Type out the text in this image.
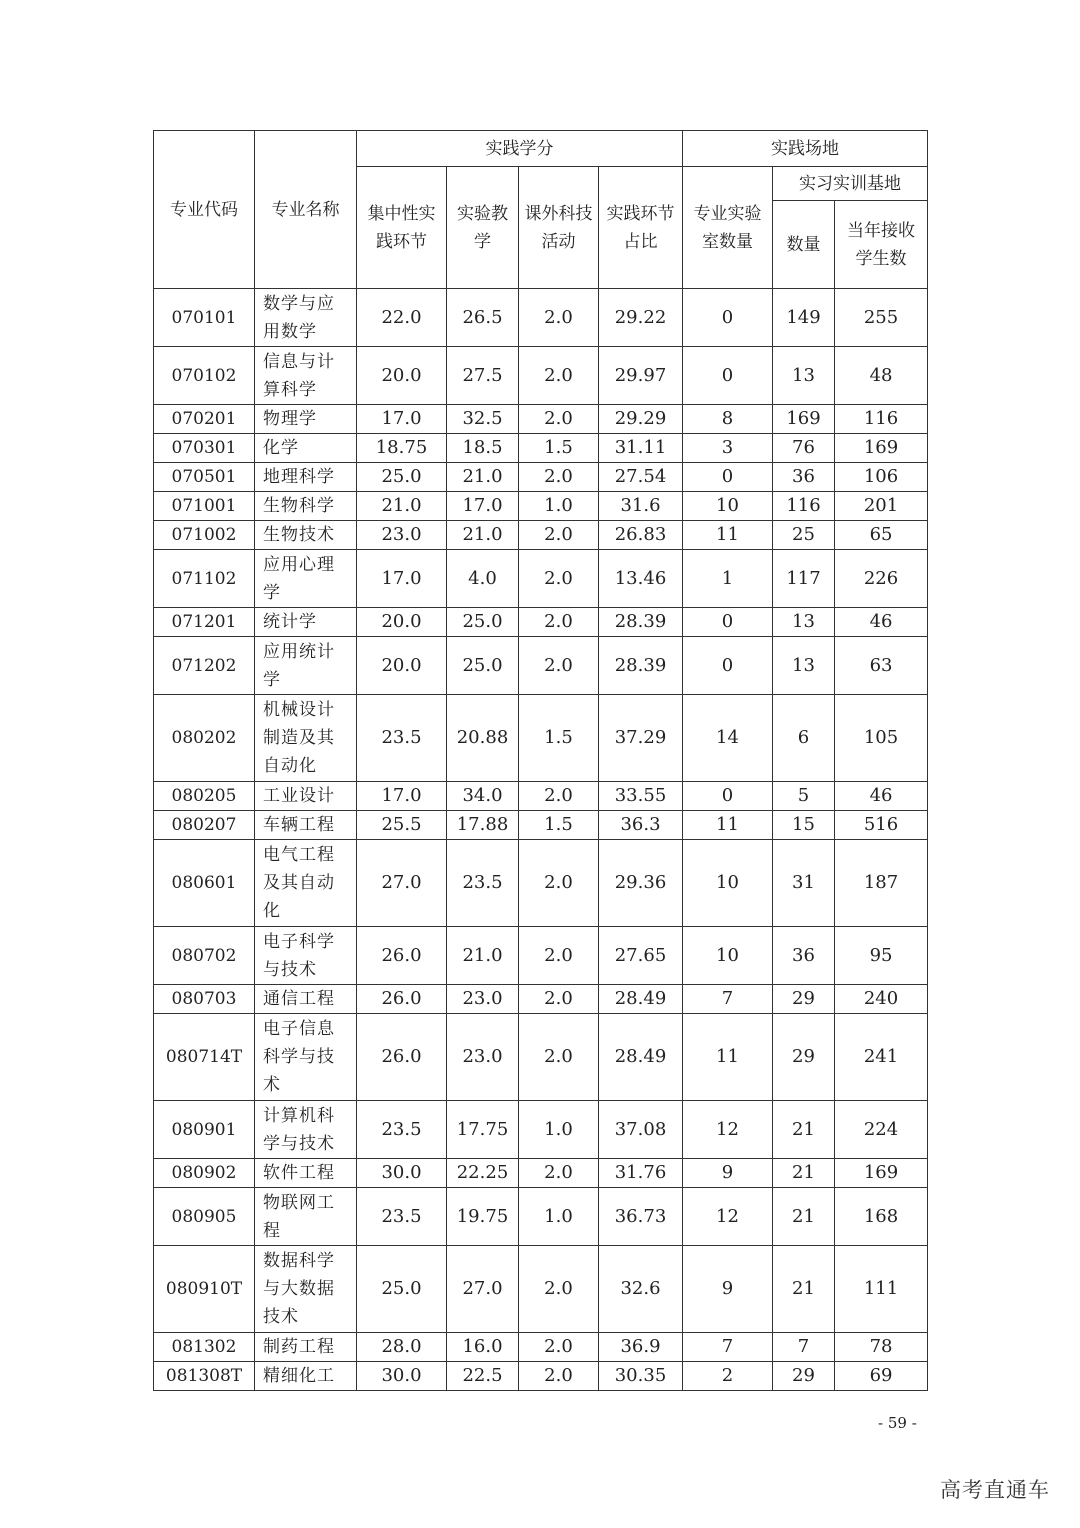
专业代码	专业名称	实践学分				实践场地		
		集中性实践环节	实验教学	课外科技活动	实践环节占比	专业实验室数量	实习实训基地	
							数量	当年接收学生数
070101	数学与应用数学	22.0	26.5	2.0	29.22	0	149	255
070102	信息与计算科学	20.0	27.5	2.0	29.97	0	13	48
070201	物理学	17.0	32.5	2.0	29.29	8	169	116
070301	化学	18.75	18.5	1.5	31.11	3	76	169
070501	地理科学	25.0	21.0	2.0	27.54	0	36	106
071001	生物科学	21.0	17.0	1.0	31.6	10	116	201
071002	生物技术	23.0	21.0	2.0	26.83	11	25	65
071102	应用心理学	17.0	4.0	2.0	13.46	1	117	226
071201	统计学	20.0	25.0	2.0	28.39	0	13	46
071202	应用统计学	20.0	25.0	2.0	28.39	0	13	63
080202	机械设计制造及其自动化	23.5	20.88	1.5	37.29	14	6	105
080205	工业设计	17.0	34.0	2.0	33.55	0	5	46
080207	车辆工程	25.5	17.88	1.5	36.3	11	15	516
080601	电气工程及其自动化	27.0	23.5	2.0	29.36	10	31	187
080702	电子科学与技术	26.0	21.0	2.0	27.65	10	36	95
080703	通信工程	26.0	23.0	2.0	28.49	7	29	240
080714T	电子信息科学与技术	26.0	23.0	2.0	28.49	11	29	241
080901	计算机科学与技术	23.5	17.75	1.0	37.08	12	21	224
080902	软件工程	30.0	22.25	2.0	31.76	9	21	169
080905	物联网工程	23.5	19.75	1.0	36.73	12	21	168
080910T	数据科学与大数据技术	25.0	27.0	2.0	32.6	9	21	111
081302	制药工程	28.0	16.0	2.0	36.9	7	7	78
081308T	精细化工	30.0	22.5	2.0	30.35	2	29	69
- 59 -
高考直通车
